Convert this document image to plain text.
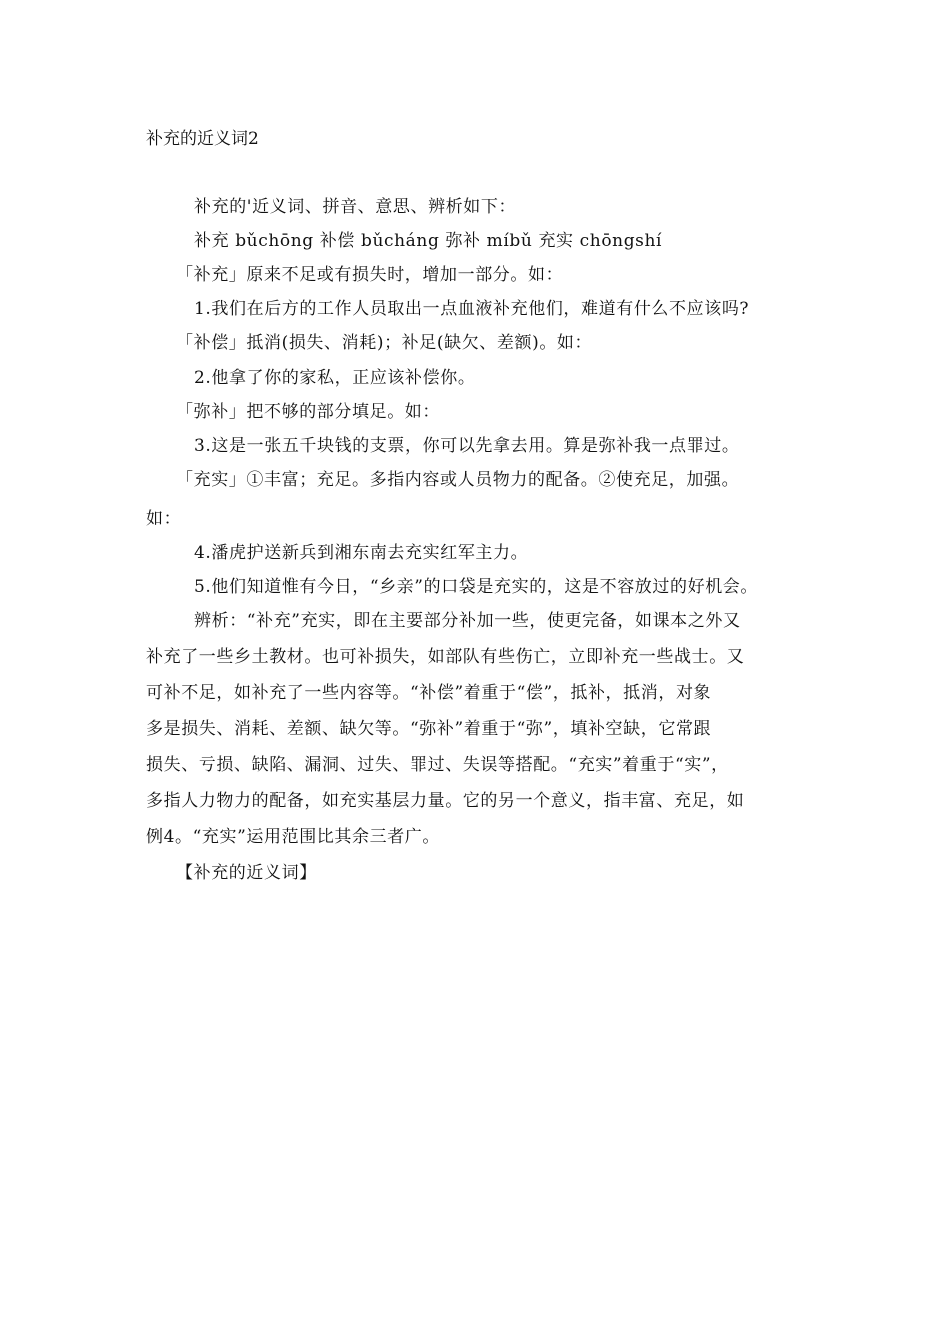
补充的近义词2
补充的'近义词、拼音、意思、辨析如下：
补充 bǔchōng 补偿 bǔcháng 弥补 míbǔ 充实 chōngshí
「补充」原来不足或有损失时，增加一部分。如：
1.我们在后方的工作人员取出一点血液补充他们，难道有什么不应该吗?
「补偿」抵消(损失、消耗)；补足(缺欠、差额)。如：
2.他拿了你的家私，正应该补偿你。
「弥补」把不够的部分填足。如：
3.这是一张五千块钱的支票，你可以先拿去用。算是弥补我一点罪过。
「充实」①丰富；充足。多指内容或人员物力的配备。②使充足，加强。
如：
4.潘虎护送新兵到湘东南去充实红军主力。
5.他们知道惟有今日，“乡亲”的口袋是充实的，这是不容放过的好机会。
辨析：“补充”充实，即在主要部分补加一些，使更完备，如课本之外又
补充了一些乡土教材。也可补损失，如部队有些伤亡，立即补充一些战士。又
可补不足，如补充了一些内容等。“补偿”着重于“偿”，抵补，抵消，对象
多是损失、消耗、差额、缺欠等。“弥补”着重于“弥”，填补空缺，它常跟
损失、亏损、缺陷、漏洞、过失、罪过、失误等搭配。“充实”着重于“实”，
多指人力物力的配备，如充实基层力量。它的另一个意义，指丰富、充足，如
例4。“充实”运用范围比其余三者广。
【补充的近义词】
